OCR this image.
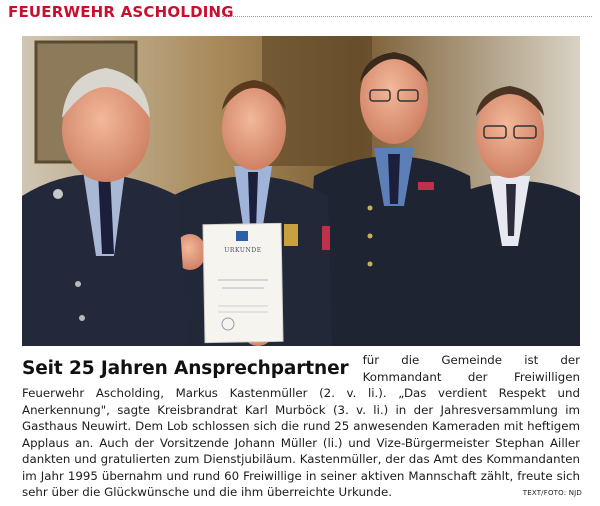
FEUERWEHR ASCHOLDING
URKUNDE
Seit 25 Jahren Ansprechpartner	für die Gemeinde ist der Kommandant der Freiwilligen Feuerwehr Ascholding, Markus Kastenmüller (2. v. li.). „Das verdient Respekt und Anerkennung", sagte Kreisbrandrat Karl Murböck (3. v. li.) in der Jahresversammlung im Gasthaus Neuwirt. Dem Lob schlossen sich die rund 25 anwesenden Kameraden mit heftigem Applaus an. Auch der Vorsitzende Johann Müller (li.) und Vize-Bürgermeister Stephan Ailler dankten und gratulierten zum Dienstjubiläum. Kastenmüller, der das Amt des Kommandanten im Jahr 1995 übernahm und rund 60 Freiwillige in seiner aktiven Mannschaft zählt, freute sich sehr über die Glückwünsche und die ihm überreichte Urkunde.	TEXT/FOTO: NJD
